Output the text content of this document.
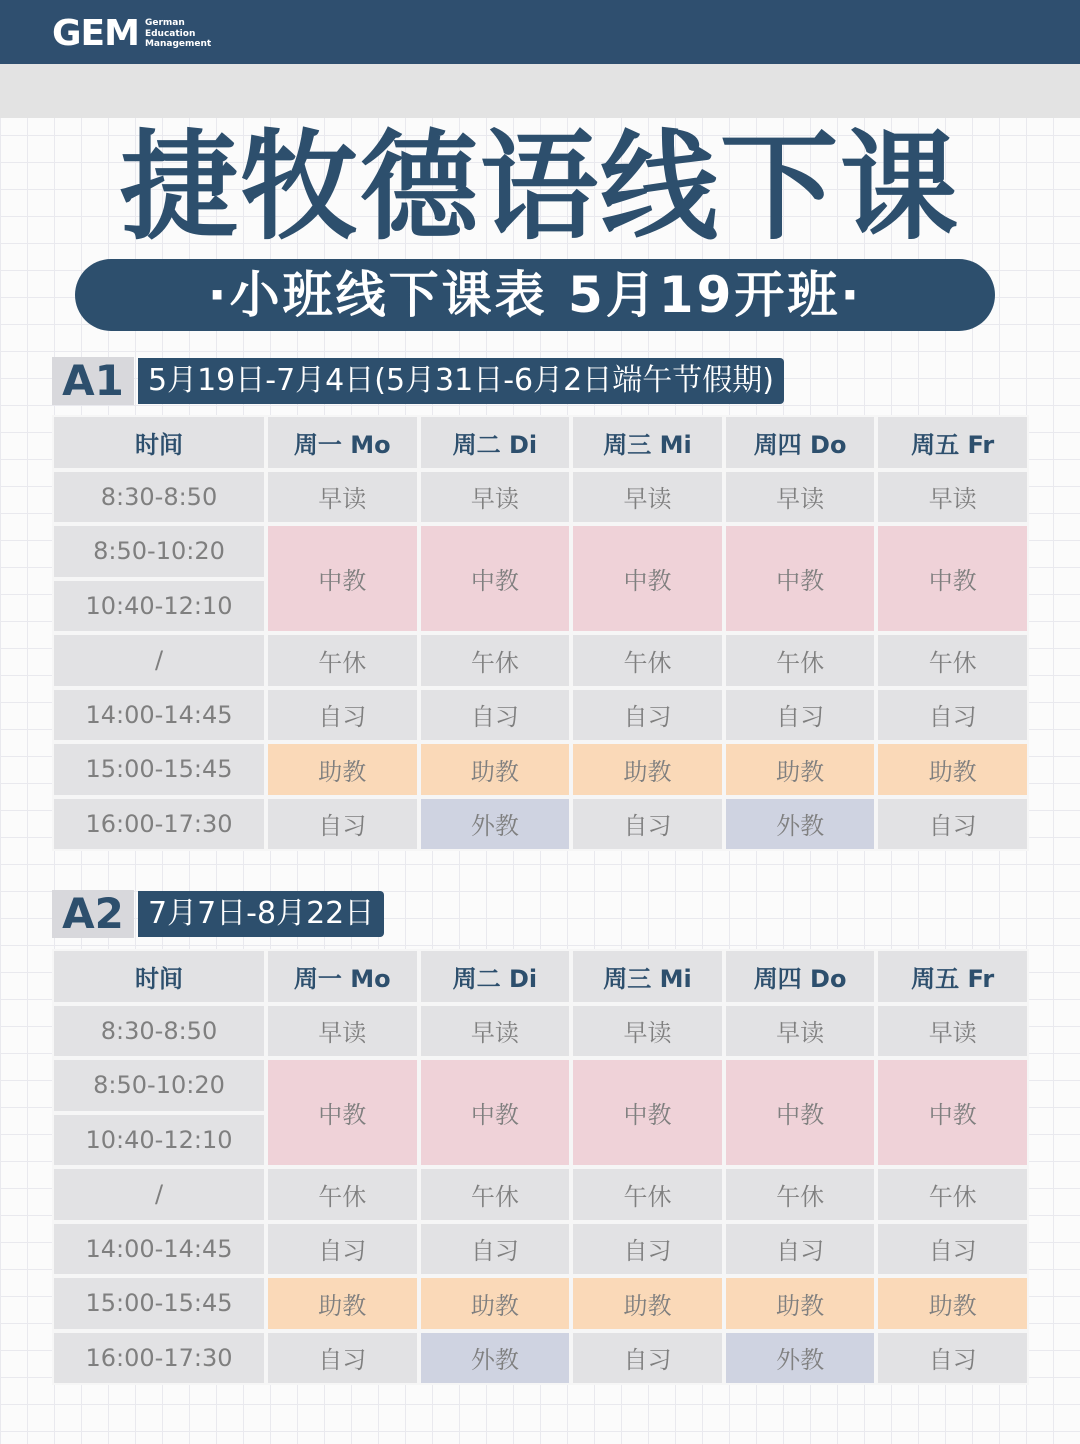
GEM German
Education
Management
捷牧德语线下课
·小班线下课表 5月19开班·
A1 5月19日-7月4日(5月31日-6月2日端午节假期)
时间	周一 Mo	周二 Di	周三 Mi	周四 Do	周五 Fr
8:30-8:50	早读	早读	早读	早读	早读
8:50-10:20	中教	中教	中教	中教	中教
10:40-12:10					
/	午休	午休	午休	午休	午休
14:00-14:45	自习	自习	自习	自习	自习
15:00-15:45	助教	助教	助教	助教	助教
16:00-17:30	自习	外教	自习	外教	自习
A2 7月7日-8月22日
时间	周一 Mo	周二 Di	周三 Mi	周四 Do	周五 Fr
8:30-8:50	早读	早读	早读	早读	早读
8:50-10:20	中教	中教	中教	中教	中教
10:40-12:10					
/	午休	午休	午休	午休	午休
14:00-14:45	自习	自习	自习	自习	自习
15:00-15:45	助教	助教	助教	助教	助教
16:00-17:30	自习	外教	自习	外教	自习
